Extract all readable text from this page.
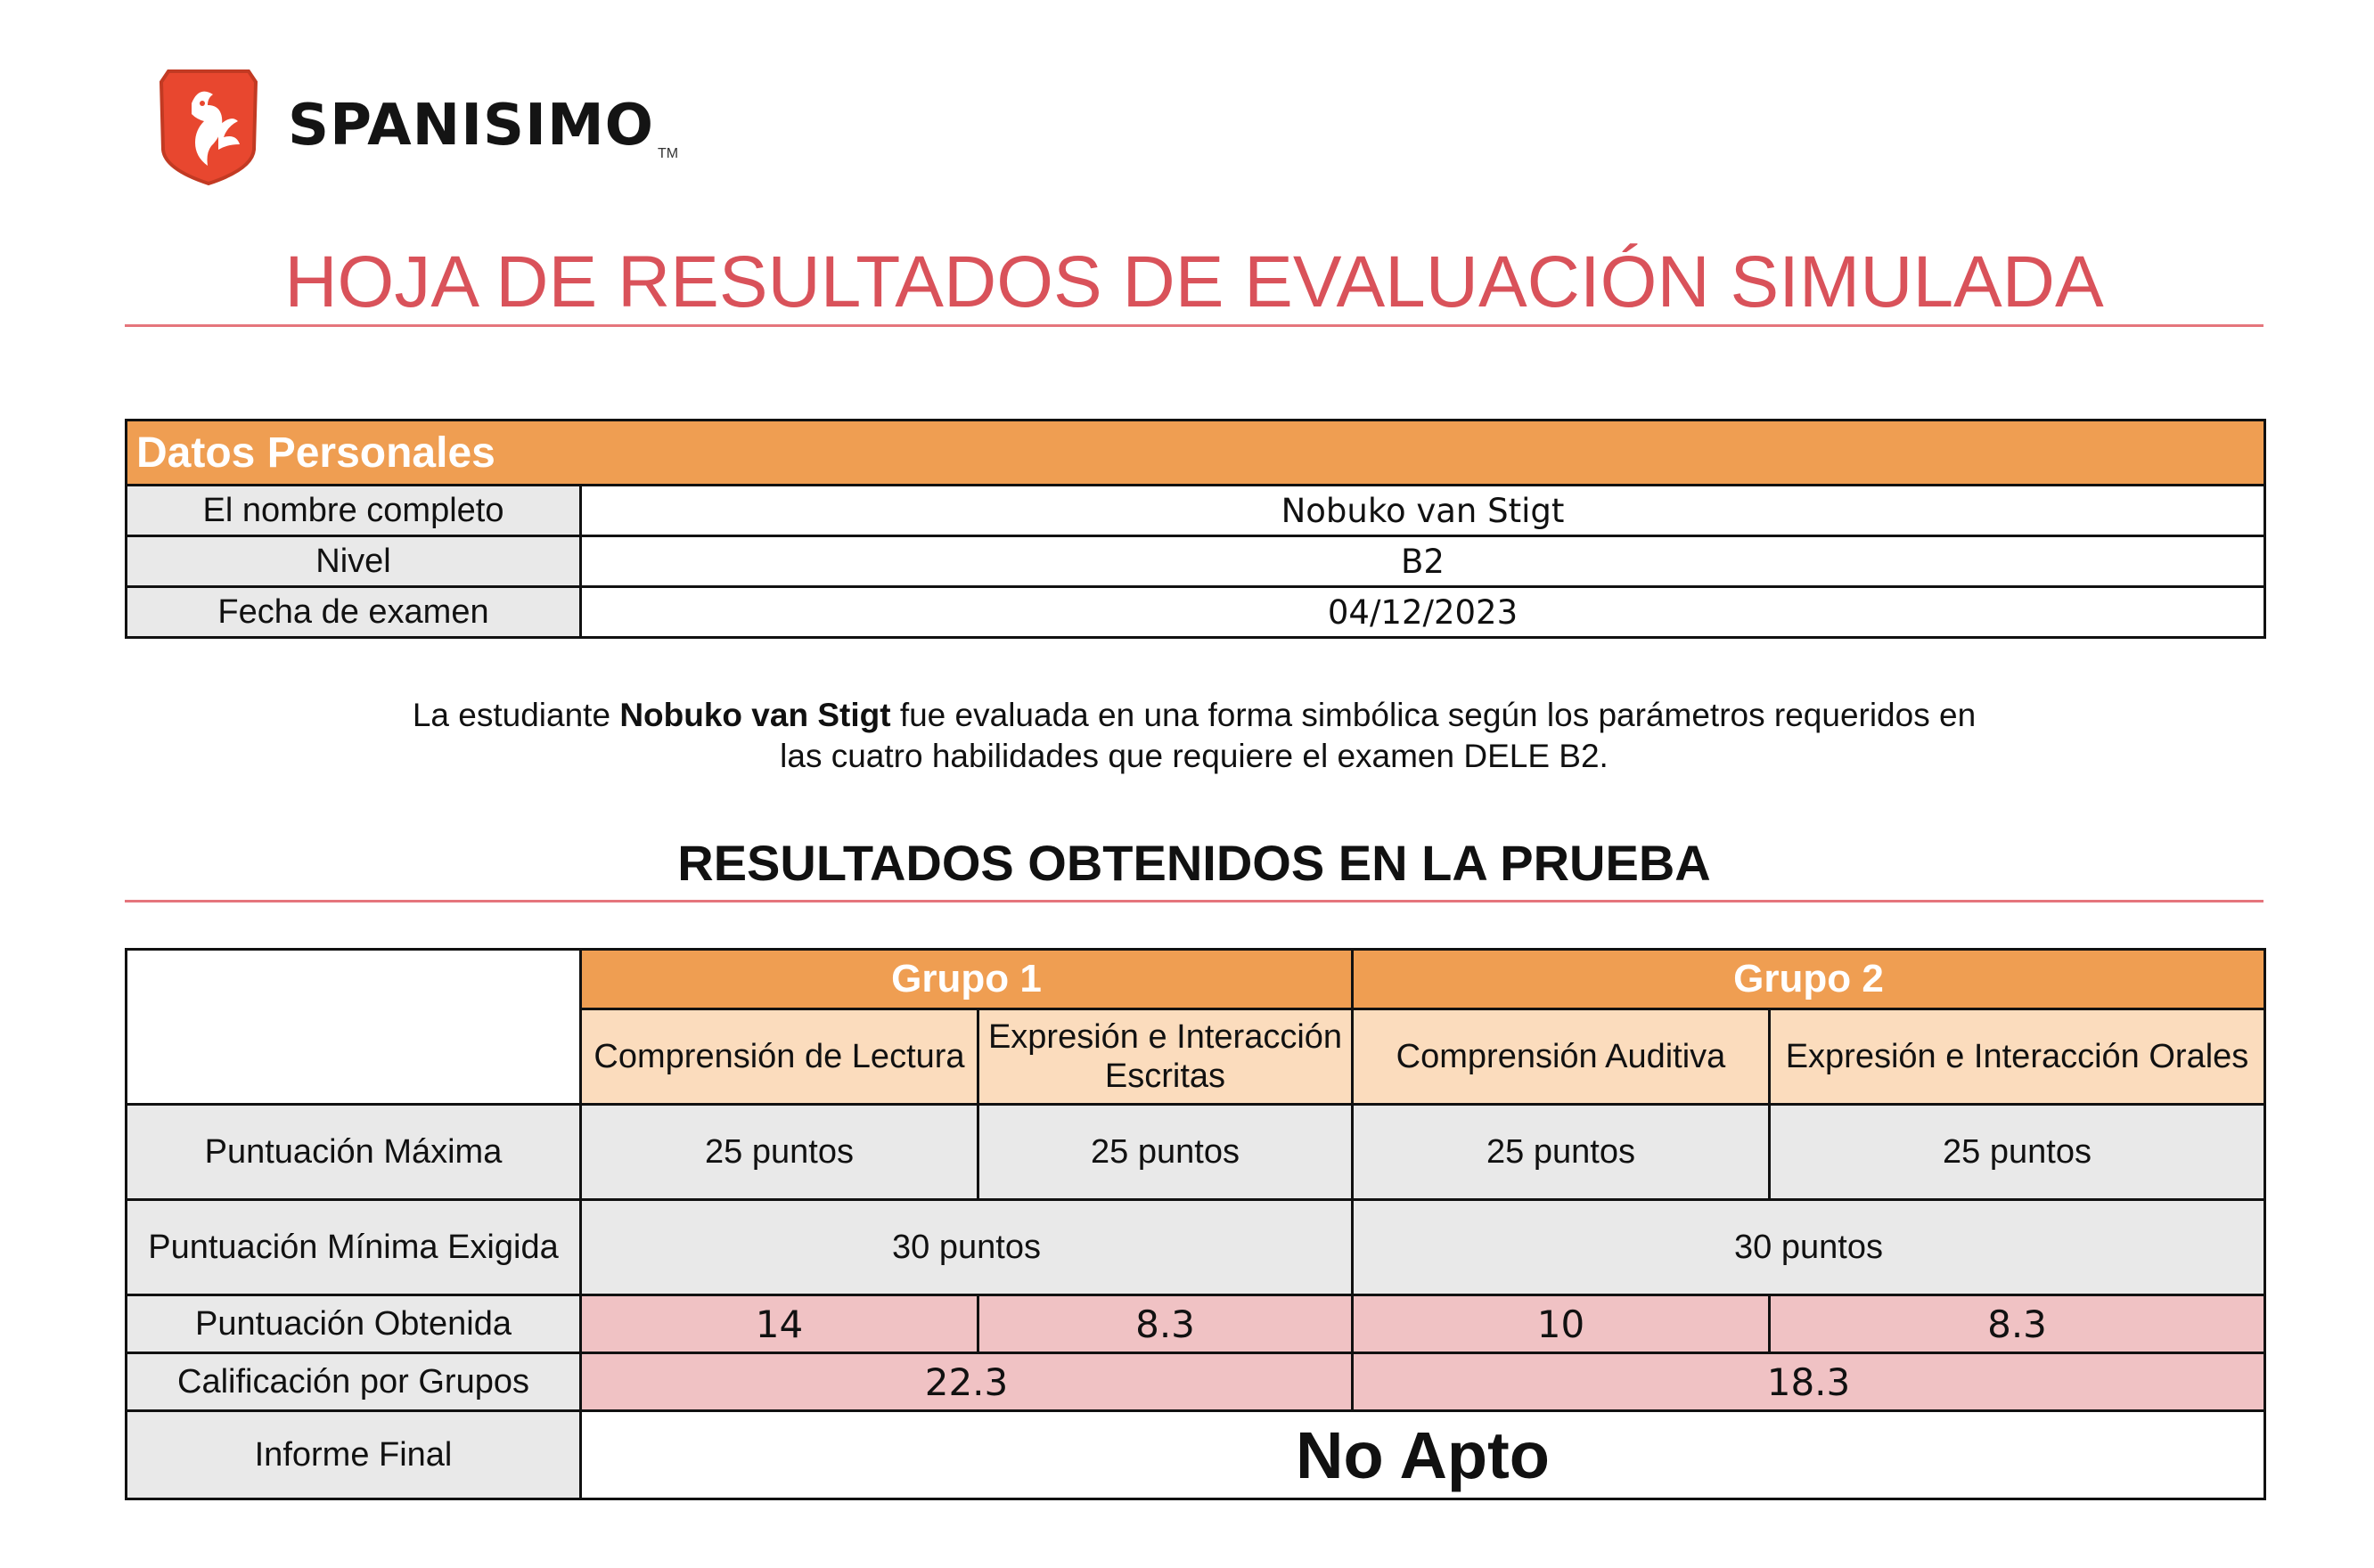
SPANISIMO TM
HOJA DE RESULTADOS DE EVALUACIÓN SIMULADA
Datos Personales	
El nombre completo	Nobuko van Stigt
Nivel	B2
Fecha de examen	04/12/2023

La estudiante Nobuko van Stigt fue evaluada en una forma simbólica según los parámetros requeridos en las cuatro habilidades que requiere el examen DELE B2.

RESULTADOS OBTENIDOS EN LA PRUEBA
	Grupo 1		Grupo 2	
	Comprensión de Lectura	Expresión e Interacción Escritas	Comprensión Auditiva	Expresión e Interacción Orales
Puntuación Máxima	25 puntos	25 puntos	25 puntos	25 puntos
Puntuación Mínima Exigida	30 puntos		30 puntos	
Puntuación Obtenida	14	8.3	10	8.3
Calificación por Grupos	22.3		18.3	
Informe Final	No Apto			
